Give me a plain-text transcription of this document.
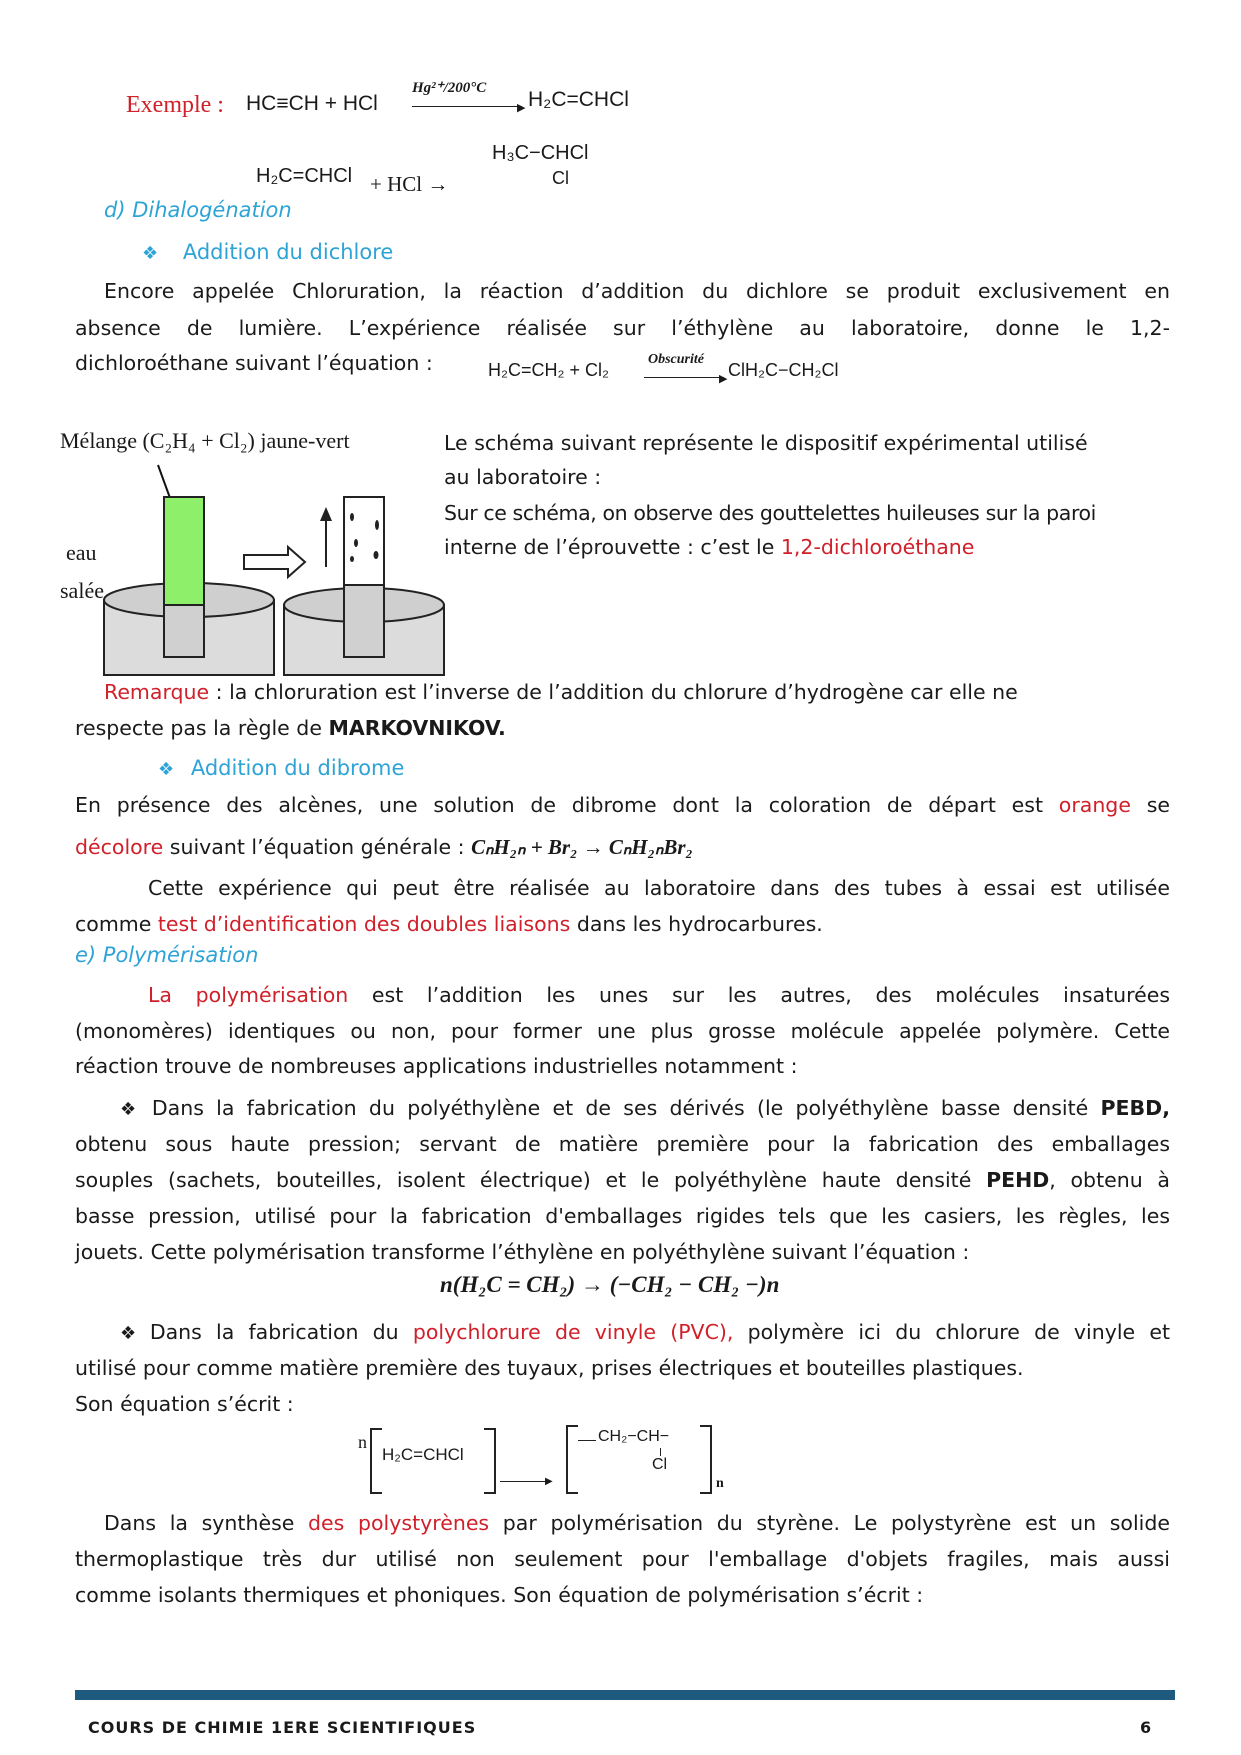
Exemple : HC≡CH + HCl
Hg²⁺/200°C
▶ H₂C=CHCl
H₂C=CHCl + HCl →
H₃C−CHCl
Cl
d) Dihalogénation
❖ Addition du dichlore
Encore appelée Chloruration, la réaction d’addition du dichlore se produit exclusivement en
absence de lumière. L’expérience réalisée sur l’éthylène au laboratoire, donne le 1,2-
dichloroéthane suivant l’équation :	H₂C=CH₂ + Cl₂
Obscurité
▶ ClH₂C−CH₂Cl
Mélange (C₂H₄ + Cl₂) jaune-vert
eau
salée
Le schéma suivant représente le dispositif expérimental utilisé
au laboratoire :
Sur ce schéma, on observe des gouttelettes huileuses sur la paroi
interne de l’éprouvette : c’est le 1,2-dichloroéthane
Remarque : la chloruration est l’inverse de l’addition du chlorure d’hydrogène car elle ne
respecte pas la règle de MARKOVNIKOV.
❖ Addition du dibrome
En présence des alcènes, une solution de dibrome dont la coloration de départ est orange se
décolore suivant l’équation générale : CₙH₂ₙ + Br₂ → CₙH₂ₙBr₂
Cette expérience qui peut être réalisée au laboratoire dans des tubes à essai est utilisée
comme test d’identification des doubles liaisons dans les hydrocarbures.
e) Polymérisation
La polymérisation est l’addition les unes sur les autres, des molécules insaturées
(monomères) identiques ou non, pour former une plus grosse molécule appelée polymère. Cette
réaction trouve de nombreuses applications industrielles notamment :
❖ Dans la fabrication du polyéthylène et de ses dérivés (le polyéthylène basse densité PEBD,
obtenu sous haute pression; servant de matière première pour la fabrication des emballages
souples (sachets, bouteilles, isolent électrique) et le polyéthylène haute densité PEHD, obtenu à
basse pression, utilisé pour la fabrication d'emballages rigides tels que les casiers, les règles, les
jouets. Cette polymérisation transforme l’éthylène en polyéthylène suivant l’équation :
n(H₂C = CH₂) → (−CH₂ − CH₂ −)n
❖ Dans la fabrication du polychlorure de vinyle (PVC), polymère ici du chlorure de vinyle et
utilisé pour comme matière première des tuyaux, prises électriques et bouteilles plastiques.
Son équation s’écrit :
n
H₂C=CHCl
▶
CH₂−CH−
Cl
n
Dans la synthèse des polystyrènes par polymérisation du styrène. Le polystyrène est un solide
thermoplastique très dur utilisé non seulement pour l'emballage d'objets fragiles, mais aussi
comme isolants thermiques et phoniques. Son équation de polymérisation s’écrit :
COURS DE CHIMIE 1ERE SCIENTIFIQUES	6
